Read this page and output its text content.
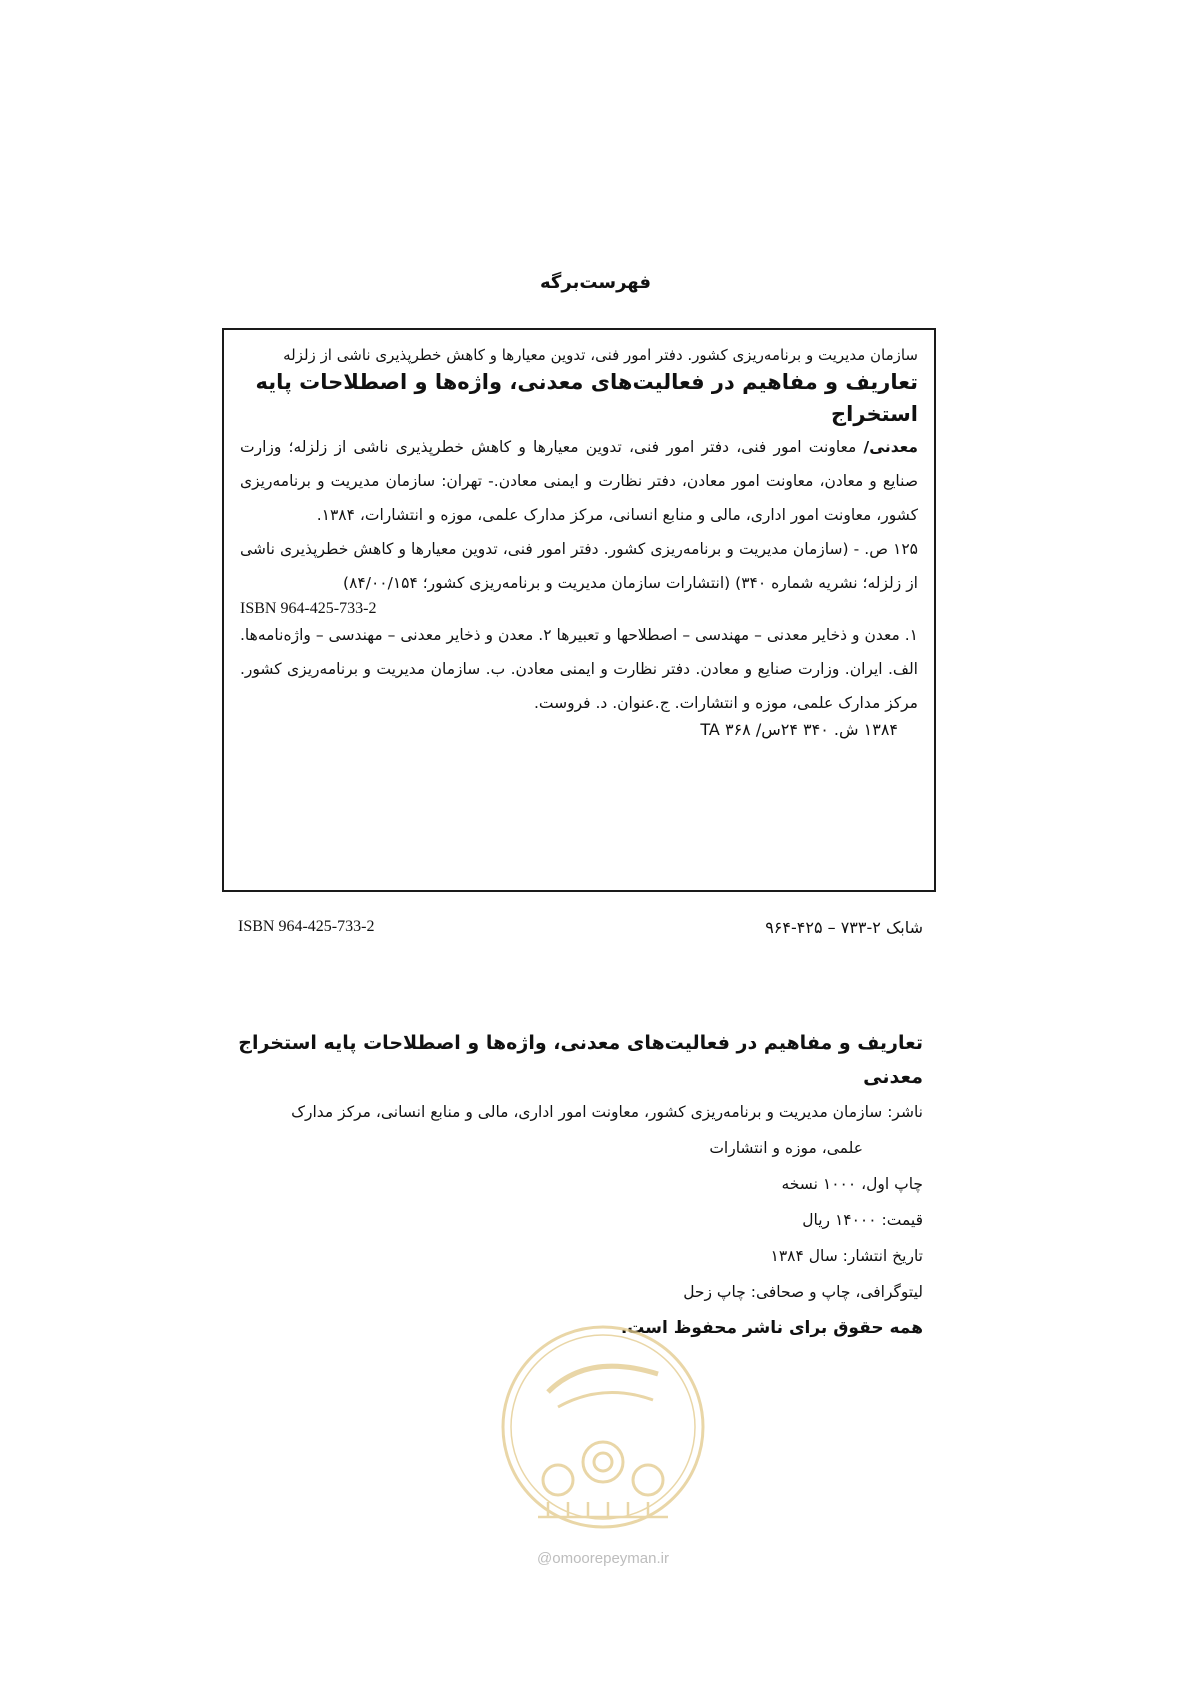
فهرست‌برگه

سازمان مدیریت و برنامه‌ریزی کشور. دفتر امور فنی، تدوین معیارها و کاهش خطرپذیری ناشی از زلزله

تعاریف و مفاهیم در فعالیت‌های معدنی، واژه‌ها و اصطلاحات پایه استخراج

معدنی/ معاونت امور فنی، دفتر امور فنی، تدوین معیارها و کاهش خطرپذیری ناشی از زلزله؛ وزارت صنایع و معادن، معاونت امور معادن، دفتر نظارت و ایمنی معادن.- تهران: سازمان مدیریت و برنامه‌ریزی کشور، معاونت امور اداری، مالی و منابع انسانی، مرکز مدارک علمی، موزه و انتشارات، ۱۳۸۴.

۱۲۵ ص. - (سازمان مدیریت و برنامه‌ریزی کشور. دفتر امور فنی، تدوین معیارها و کاهش خطرپذیری ناشی از زلزله؛ نشریه شماره ۳۴۰) (انتشارات سازمان مدیریت و برنامه‌ریزی کشور؛ ۸۴/۰۰/۱۵۴)

ISBN 964-425-733-2

۱. معدن و ذخایر معدنی – مهندسی – اصطلاحها و تعبیرها ۲. معدن و ذخایر معدنی – مهندسی – واژه‌نامه‌ها. الف. ایران. وزارت صنایع و معادن. دفتر نظارت و ایمنی معادن. ب. سازمان مدیریت و برنامه‌ریزی کشور. مرکز مدارک علمی، موزه و انتشارات. ج.عنوان. د. فروست.

۱۳۸۴ ش. ۳۴۰ ۲۴س/ ۳۶۸ TA

ISBN 964-425-733-2	شابک ۲-۷۳۳ – ۴۲۵-۹۶۴
تعاریف و مفاهیم در فعالیت‌های معدنی، واژه‌ها و اصطلاحات پایه استخراج معدنی
ناشر: سازمان مدیریت و برنامه‌ریزی کشور، معاونت امور اداری، مالی و منابع انسانی، مرکز مدارک
علمی، موزه و انتشارات
چاپ اول، ۱۰۰۰ نسخه
قیمت: ۱۴۰۰۰ ریال
تاریخ انتشار: سال ۱۳۸۴
لیتوگرافی، چاپ و صحافی: چاپ زحل
همه حقوق برای ناشر محفوظ است.
@omoorepeyman.ir
